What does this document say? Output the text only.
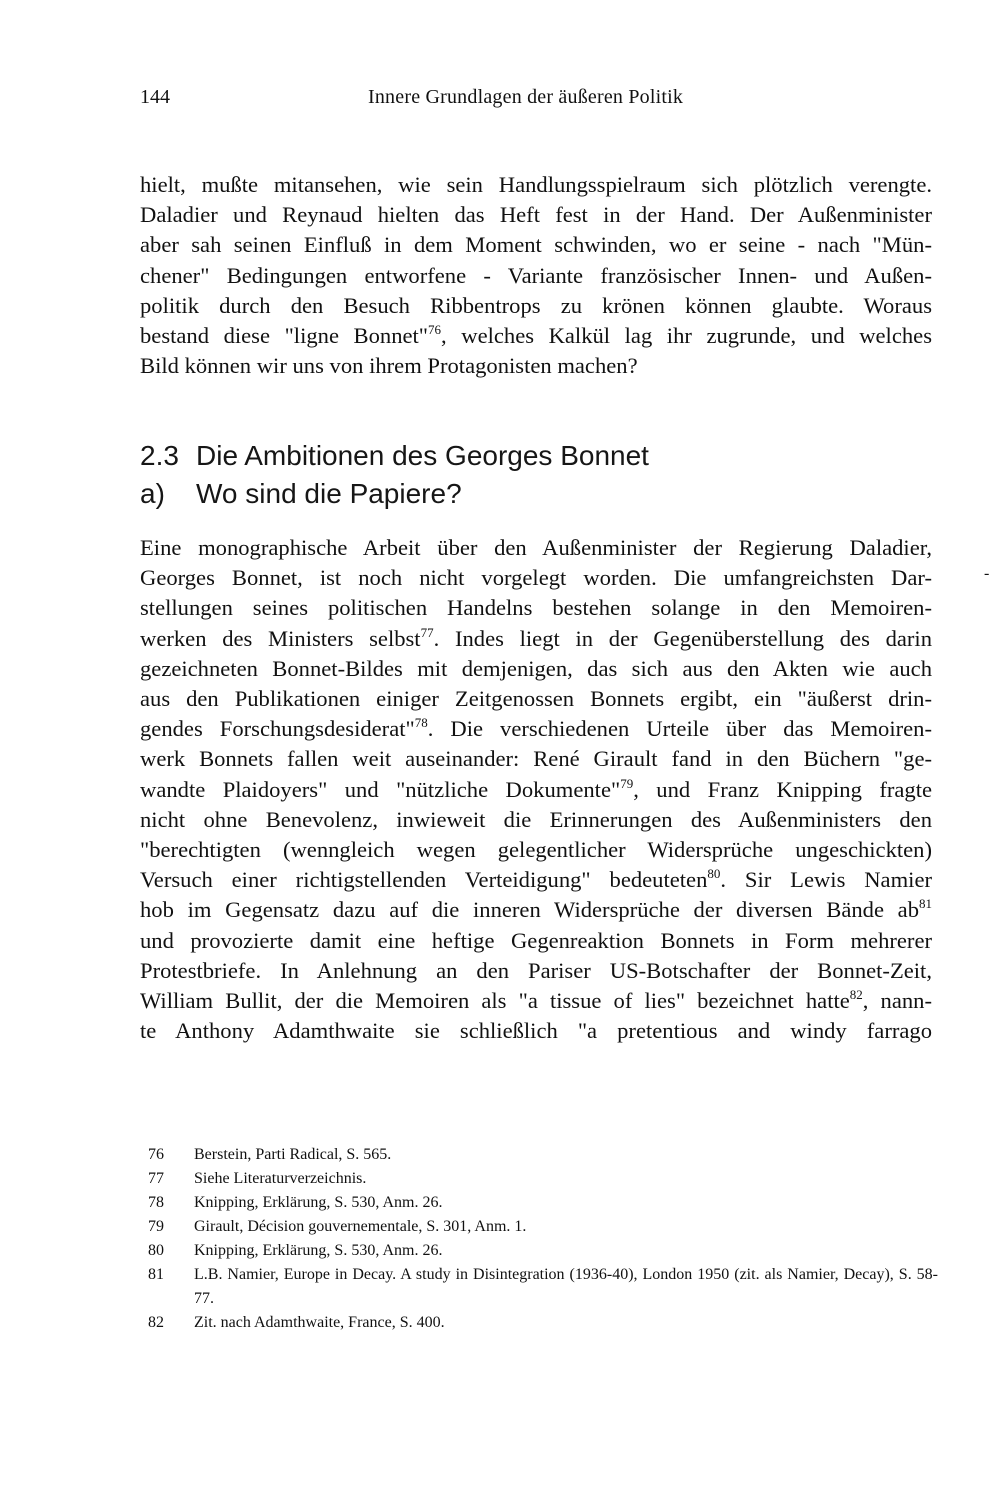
144	Innere Grundlagen der äußeren Politik
hielt, mußte mitansehen, wie sein Handlungsspielraum sich plötzlich verengte.
Daladier und Reynaud hielten das Heft fest in der Hand. Der Außenminister
aber sah seinen Einfluß in dem Moment schwinden, wo er seine - nach "Mün-
chener" Bedingungen entworfene - Variante französischer Innen- und Außen-
politik durch den Besuch Ribbentrops zu krönen können glaubte. Woraus
bestand diese "ligne Bonnet"$^{76}$, welches Kalkül lag ihr zugrunde, und welches
Bild können wir uns von ihrem Protagonisten machen?
2.3 Die Ambitionen des Georges Bonnet
a) Wo sind die Papiere?
Eine monographische Arbeit über den Außenminister der Regierung Daladier,
Georges Bonnet, ist noch nicht vorgelegt worden. Die umfangreichsten Dar-
stellungen seines politischen Handelns bestehen solange in den Memoiren-
werken des Ministers selbst$^{77}$. Indes liegt in der Gegenüberstellung des darin
gezeichneten Bonnet-Bildes mit demjenigen, das sich aus den Akten wie auch
aus den Publikationen einiger Zeitgenossen Bonnets ergibt, ein "äußerst drin-
gendes Forschungsdesiderat"$^{78}$. Die verschiedenen Urteile über das Memoiren-
werk Bonnets fallen weit auseinander: René Girault fand in den Büchern "ge-
wandte Plaidoyers" und "nützliche Dokumente"$^{79}$, und Franz Knipping fragte
nicht ohne Benevolenz, inwieweit die Erinnerungen des Außenministers den
"berechtigten (wenngleich wegen gelegentlicher Widersprüche ungeschickten)
Versuch einer richtigstellenden Verteidigung" bedeuteten$^{80}$. Sir Lewis Namier
hob im Gegensatz dazu auf die inneren Widersprüche der diversen Bände $ab^{81}$
und provozierte damit eine heftige Gegenreaktion Bonnets in Form mehrerer
Protestbriefe. In Anlehnung an den Pariser US-Botschafter der Bonnet-Zeit,
William Bullit, der die Memoiren als "a tissue of lies" bezeichnet hatte$^{82}$, nann-
te Anthony Adamthwaite sie schließlich "a pretentious and windy farrago
-
76 Berstein, Parti Radical, S. 565.
77 Siehe Literaturverzeichnis.
78 Knipping, Erklärung, S. 530, Anm. 26.
79 Girault, Décision gouvernementale, S. 301, Anm. 1.
80 Knipping, Erklärung, S. 530, Anm. 26.
81 L.B. Namier, Europe in Decay. A study in Disintegration (1936-40), London 1950 (zit. als Namier, Decay), S. 58-77.
82 Zit. nach Adamthwaite, France, S. 400.
